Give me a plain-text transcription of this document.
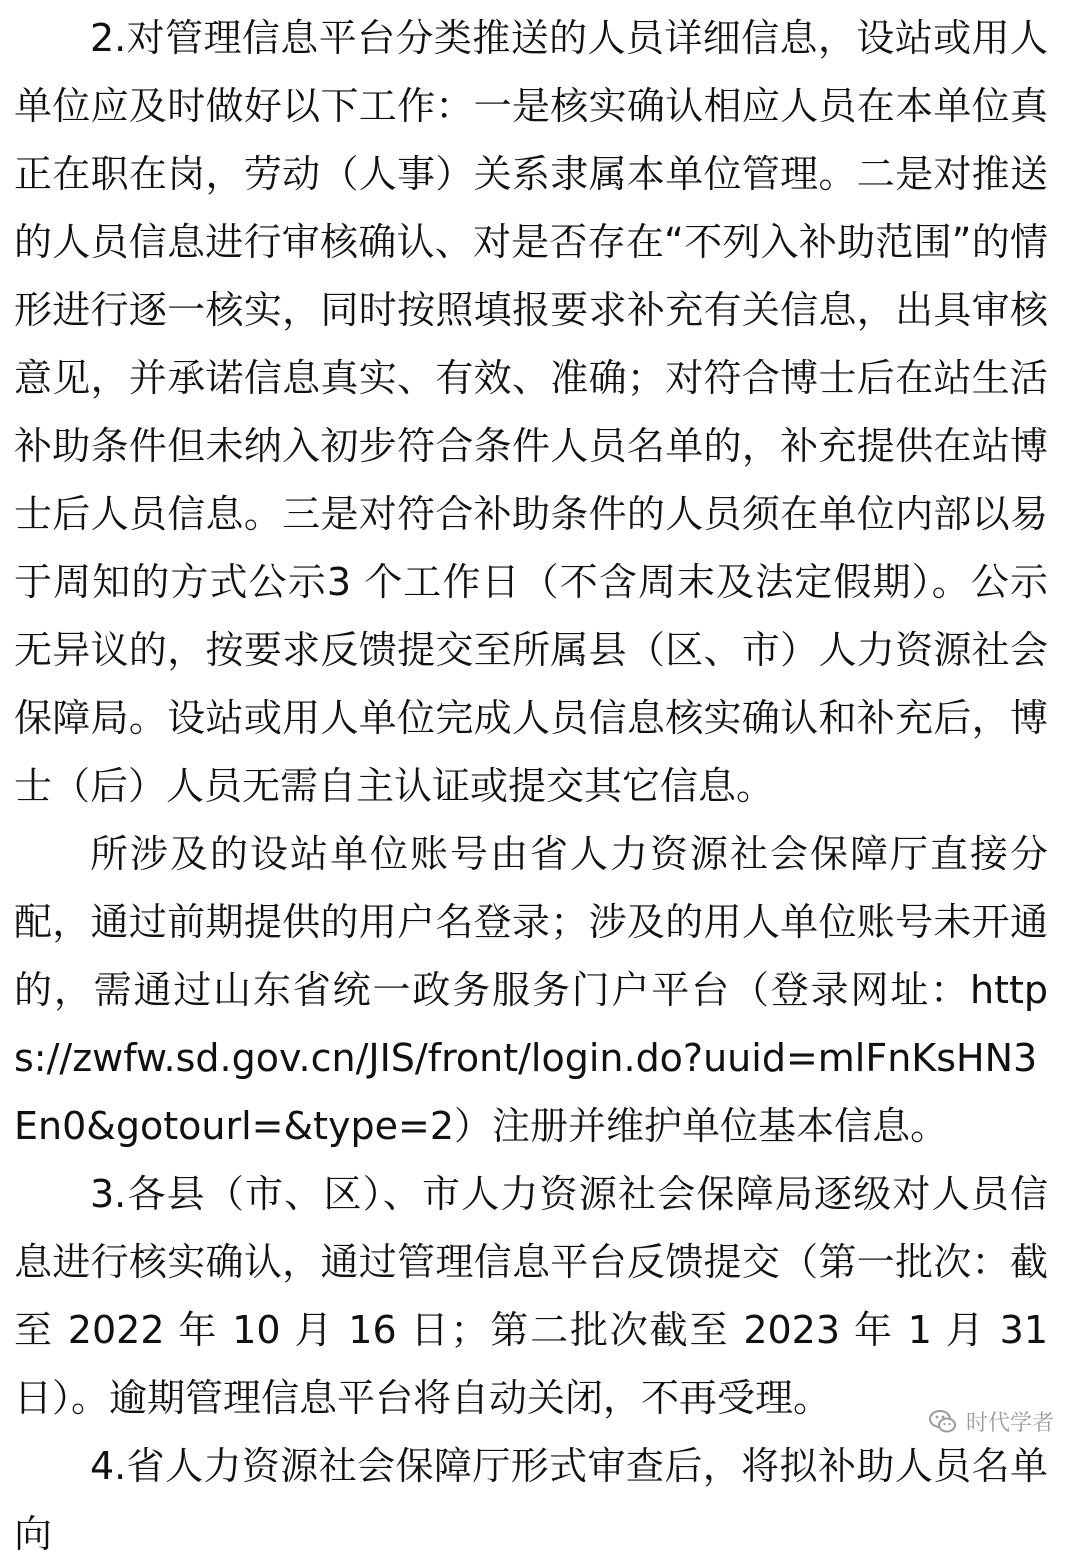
2.对管理信息平台分类推送的人员详细信息，设站或用人单位应及时做好以下工作：一是核实确认相应人员在本单位真正在职在岗，劳动（人事）关系隶属本单位管理。二是对推送的人员信息进行审核确认、对是否存在“不列入补助范围”的情形进行逐一核实，同时按照填报要求补充有关信息，出具审核意见，并承诺信息真实、有效、准确；对符合博士后在站生活补助条件但未纳入初步符合条件人员名单的，补充提供在站博士后人员信息。三是对符合补助条件的人员须在单位内部以易于周知的方式公示3 个工作日（不含周末及法定假期）。公示无异议的，按要求反馈提交至所属县（区、市）人力资源社会保障局。设站或用人单位完成人员信息核实确认和补充后，博士（后）人员无需自主认证或提交其它信息。

所涉及的设站单位账号由省人力资源社会保障厅直接分配，通过前期提供的用户名登录；涉及的用人单位账号未开通的，需通过山东省统一政务服务门户平台（登录网址：https://zwfw.sd.gov.cn/JIS/front/login.do?uuid=mlFnKsHN3En0&gotourl=&type=2）注册并维护单位基本信息。

3.各县（市、区）、市人力资源社会保障局逐级对人员信息进行核实确认，通过管理信息平台反馈提交（第一批次：截至 2022 年 10 月 16 日；第二批次截至 2023 年 1 月 31 日）。逾期管理信息平台将自动关闭，不再受理。

4.省人力资源社会保障厅形式审查后，将拟补助人员名单向

时代学者
